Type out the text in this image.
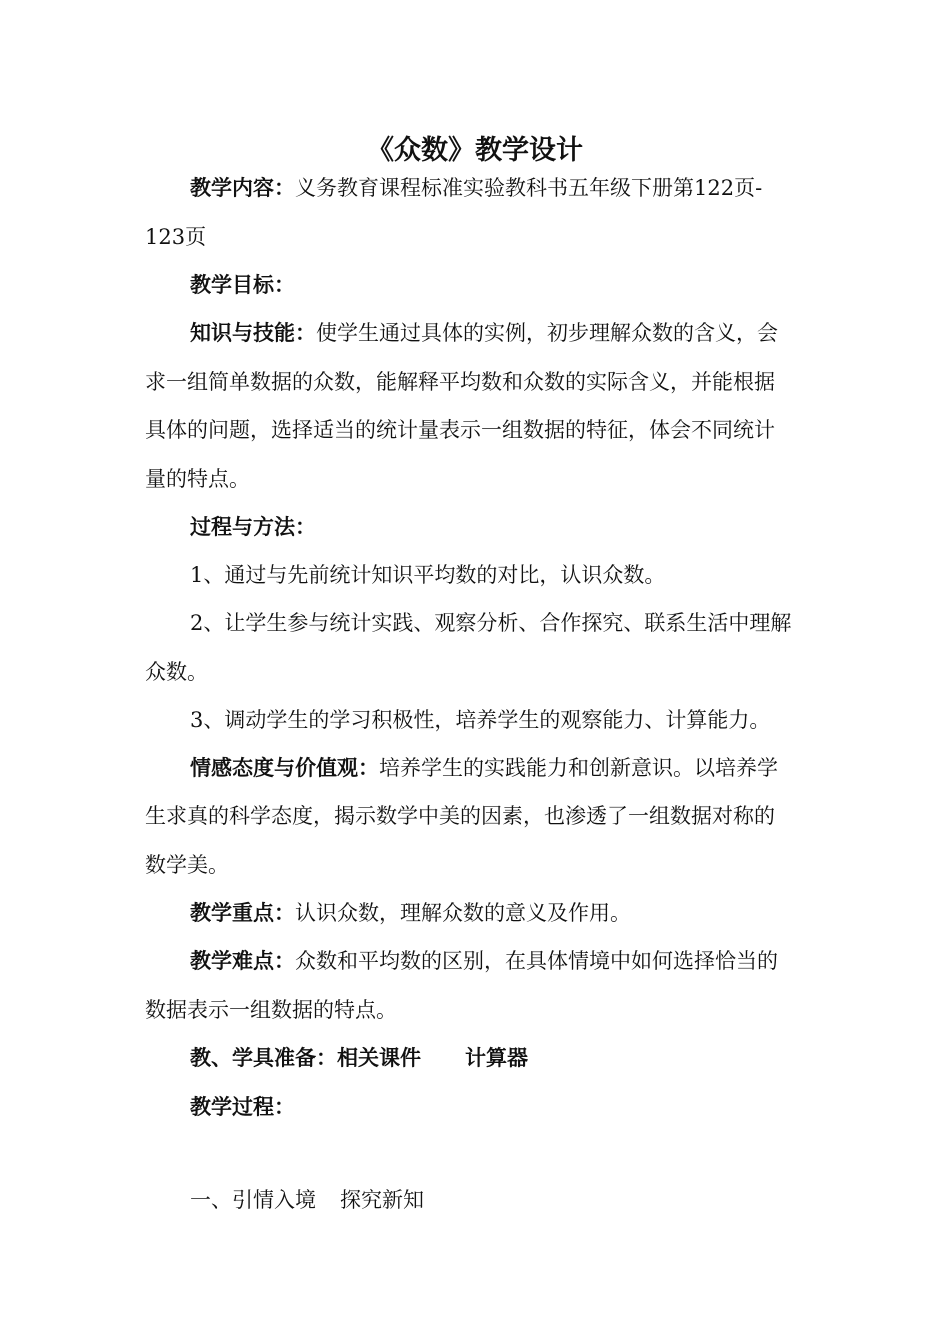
《众数》教学设计
教学内容：义务教育课程标准实验教科书五年级下册第122页-
123页
教学目标：
知识与技能：使学生通过具体的实例，初步理解众数的含义，会
求一组简单数据的众数，能解释平均数和众数的实际含义，并能根据
具体的问题，选择适当的统计量表示一组数据的特征，体会不同统计
量的特点。
过程与方法：
1、通过与先前统计知识平均数的对比，认识众数。
2、让学生参与统计实践、观察分析、合作探究、联系生活中理解
众数。
3、调动学生的学习积极性，培养学生的观察能力、计算能力。
情感态度与价值观：培养学生的实践能力和创新意识。以培养学
生求真的科学态度，揭示数学中美的因素，也渗透了一组数据对称的
数学美。
教学重点：认识众数，理解众数的意义及作用。
教学难点：众数和平均数的区别，在具体情境中如何选择恰当的
数据表示一组数据的特点。
教、学具准备：相关课件 计算器
教学过程：
一、引情入境 探究新知
